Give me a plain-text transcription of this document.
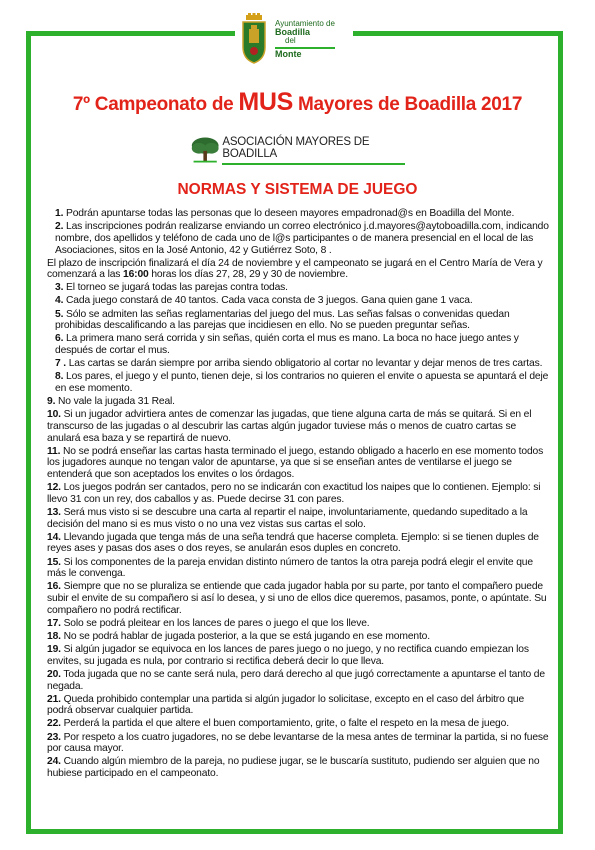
Ayuntamiento de
Boadilla
del
Monte
7º Campeonato de MUS Mayores de Boadilla 2017
ASOCIACIÓN MAYORES DE BOADILLA
NORMAS Y SISTEMA DE JUEGO

1. Podrán apuntarse todas las personas que lo deseen mayores empadronad@s en Boadilla del Monte.

2. Las inscripciones podrán realizarse enviando un correo electrónico j.d.mayores@aytoboadilla.com, indicando nombre, dos apellidos y teléfono de cada uno de l@s participantes o de manera presencial en el local de las Asociaciones, sitos en la José Antonio, 42 y Gutiérrez Soto, 8 .

El plazo de inscripción finalizará el día 24 de noviembre y el campeonato se jugará en el Centro María de Vera y comenzará a las 16:00 horas los días 27, 28, 29 y 30 de noviembre.

3. El torneo se jugará todas las parejas contra todas.

4. Cada juego constará de 40 tantos. Cada vaca consta de 3 juegos. Gana quien gane 1 vaca.

5. Sólo se admiten las señas reglamentarias del juego del mus. Las señas falsas o convenidas quedan prohibidas descalificando a las parejas que incidiesen en ello. No se pueden preguntar señas.

6. La primera mano será corrida y sin señas, quién corta el mus es mano. La boca no hace juego antes y después de cortar el mus.

7 . Las cartas se darán siempre por arriba siendo obligatorio al cortar no levantar y dejar menos de tres cartas.

8. Los pares, el juego y el punto, tienen deje, si los contrarios no quieren el envite o apuesta se apuntará el deje en ese momento.

9. No vale la jugada 31 Real.

10. Si un jugador advirtiera antes de comenzar las jugadas, que tiene alguna carta de más se quitará. Si en el transcurso de las jugadas o al descubrir las cartas algún jugador tuviese más o menos de cuatro cartas se anulará esa baza y se repartirá de nuevo.

11. No se podrá enseñar las cartas hasta terminado el juego, estando obligado a hacerlo en ese momento todos los jugadores aunque no tengan valor de apuntarse, ya que si se enseñan antes de ventilarse el juego se entenderá que son aceptados los envites o los órdagos.

12. Los juegos podrán ser cantados, pero no se indicarán con exactitud los naipes que lo contienen. Ejemplo: si llevo 31 con un rey, dos caballos y as. Puede decirse 31 con pares.

13. Será mus visto si se descubre una carta al repartir el naipe, involuntariamente, quedando supeditado a la decisión del mano si es mus visto o no una vez vistas sus cartas el solo.

14. Llevando jugada que tenga más de una seña tendrá que hacerse completa. Ejemplo: si se tienen duples de reyes ases y pasas dos ases o dos reyes, se anularán esos duples en concreto.

15. Si los componentes de la pareja envidan distinto número de tantos la otra pareja podrá elegir el envite que más le convenga.

16. Siempre que no se pluraliza se entiende que cada jugador habla por su parte, por tanto el compañero puede subir el envite de su compañero si así lo desea, y si uno de ellos dice queremos, pasamos, ponte, o apúntate. Su compañero no podrá rectificar.

17. Solo se podrá pleitear en los lances de pares o juego el que los lleve.

18. No se podrá hablar de jugada posterior, a la que se está jugando en ese momento.

19. Si algún jugador se equivoca en los lances de pares juego o no juego, y no rectifica cuando empiezan los envites, su jugada es nula, por contrario si rectifica deberá decir lo que lleva.

20. Toda jugada que no se cante será nula, pero dará derecho al que jugó correctamente a apuntarse el tanto de negada.

21. Queda prohibido contemplar una partida si algún jugador lo solicitase, excepto en el caso del árbitro que podrá observar cualquier partida.

22. Perderá la partida el que altere el buen comportamiento, grite, o falte el respeto en la mesa de juego.

23. Por respeto a los cuatro jugadores, no se debe levantarse de la mesa antes de terminar la partida, si no fuese por causa mayor.

24. Cuando algún miembro de la pareja, no pudiese jugar, se le buscaría sustituto, pudiendo ser alguien que no hubiese participado en el campeonato.
